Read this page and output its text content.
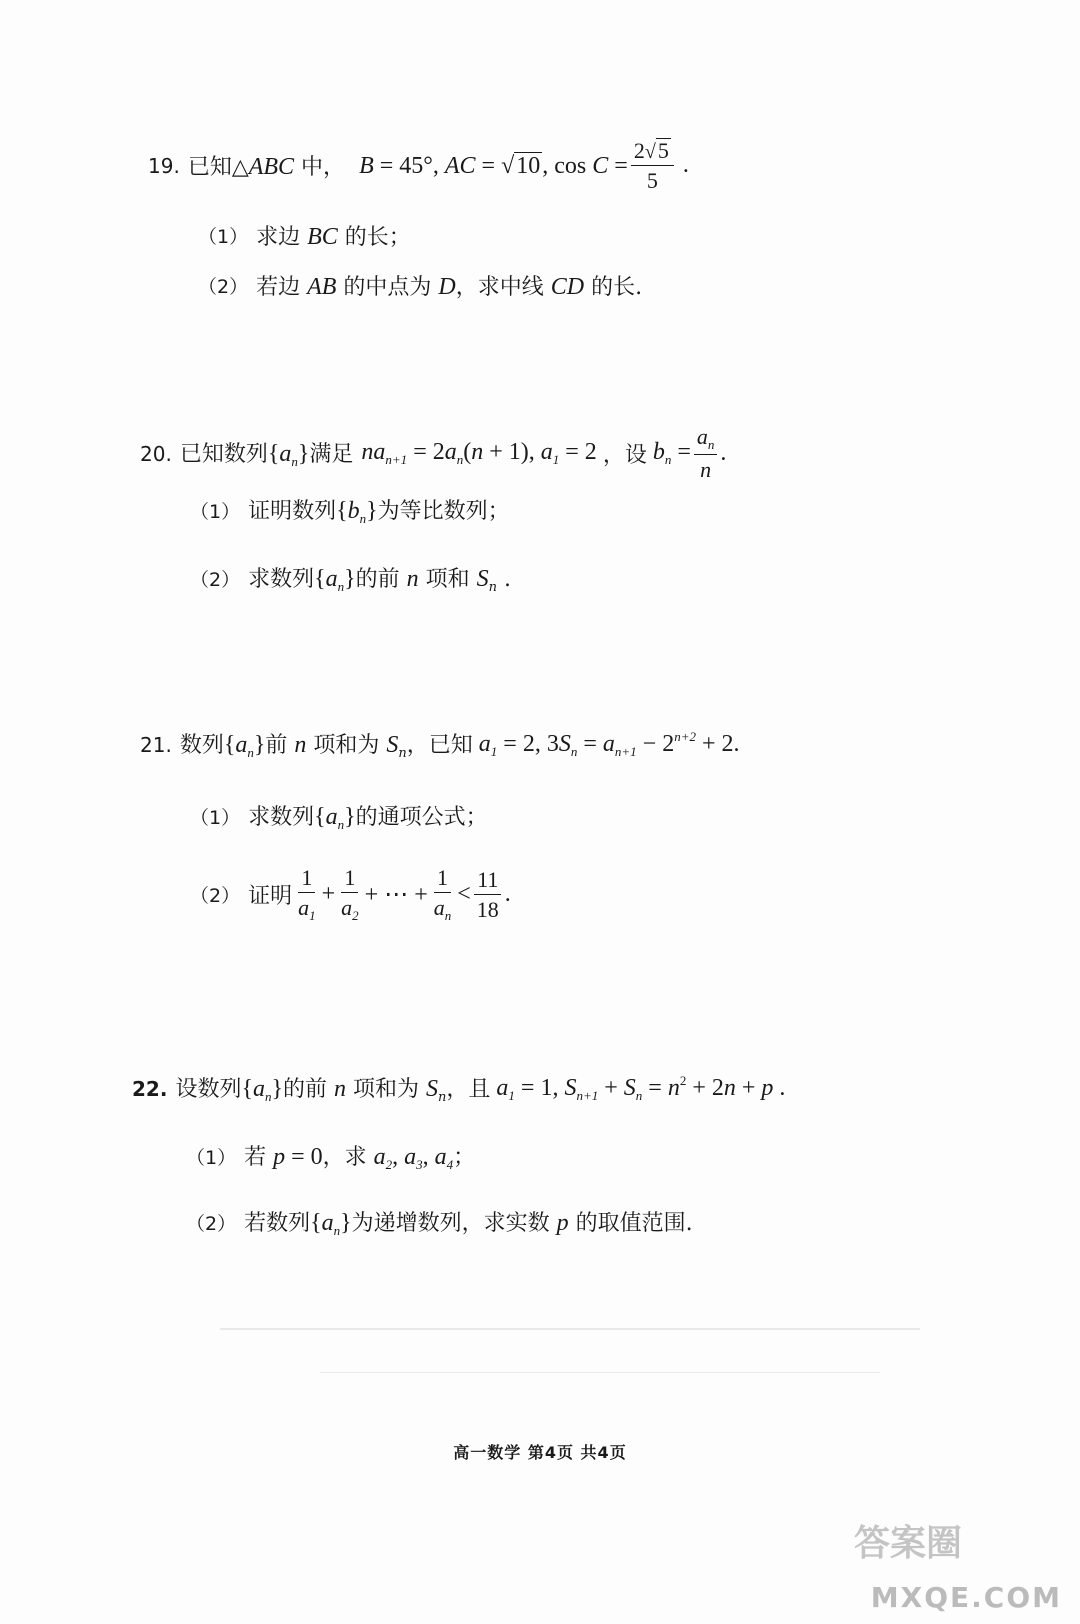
19. 已知△ABC 中， B = 45°, AC = √ 10 , $\cos C = \frac{2 √ 5}{5}$ .
（1） 求边 BC 的长；
（2） 若边 AB 的中点为 D，求中线 CD 的长.
20. 已知数列$\{a_n\}$满足 $na_{n+1} = 2a_n(n + 1)$, $a_1 = 2$ ，设 $b_n = \frac{a_n}{n}$ .
（1） 证明数列$\{b_n\}$为等比数列；
（2） 求数列$\{a_n\}$的前 n 项和 $S_n$ .
21. 数列$\{a_n\}$前 n 项和为 $S_n$，已知 $a_1 = 2$, $3S_n = a_{n+1} - 2^{n+2} + 2$.
（1） 求数列$\{a_n\}$的通项公式；
（2） 证明 $\frac{1}{a_1} + \frac{1}{a_2}$ + ⋯ + $\frac{1}{a_n} < \frac{11}{18}$ .
22. 设数列$\{a_n\}$的前 n 项和为 $S_n$，且 $a_1 = 1$, $S_{n+1} + S_n = n^2 + 2n + p$ .
（1） 若 p = 0，求 $a_2$, $a_3$, $a_4$；
（2） 若数列$\{a_n\}$为递增数列，求实数 p 的取值范围.
高一数学 第4页 共4页
答案圈
MXQE.COM
